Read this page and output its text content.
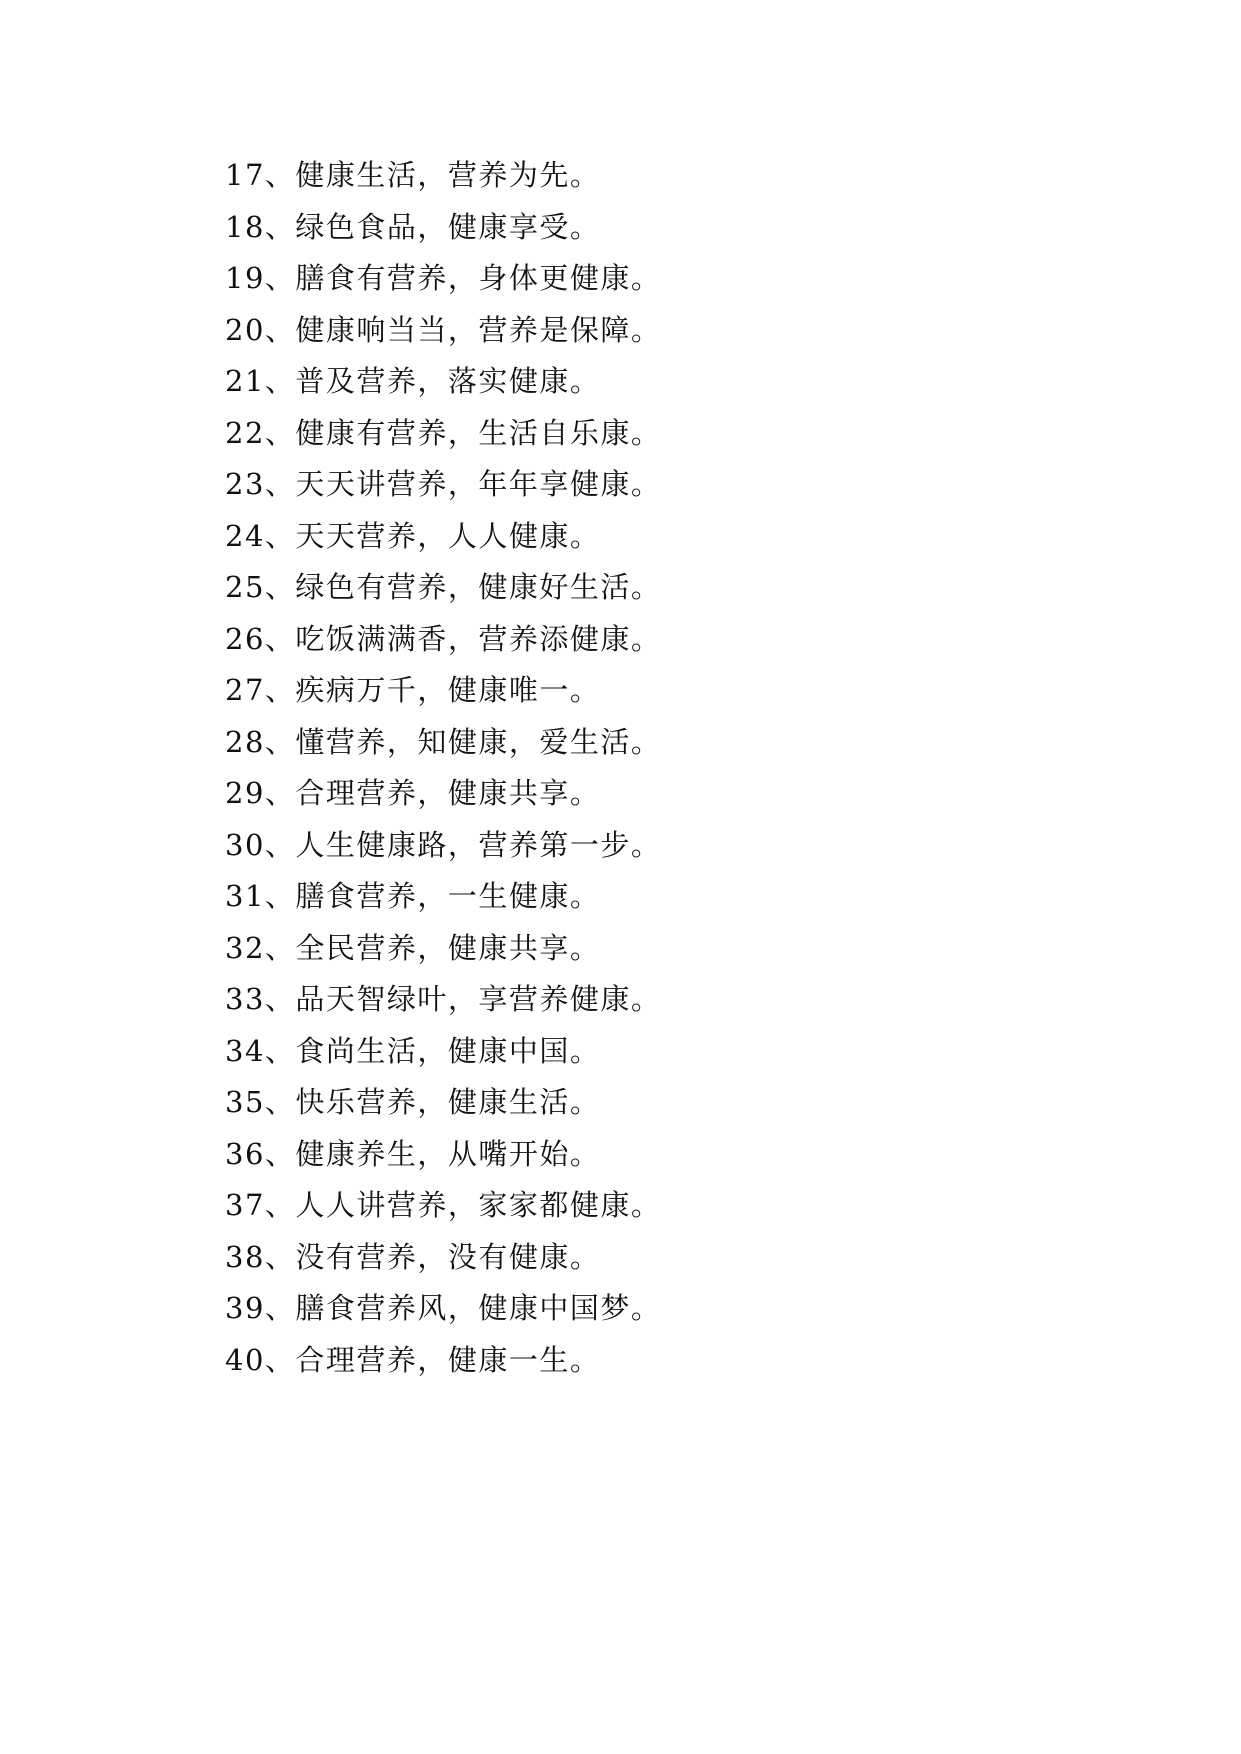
17、健康生活，营养为先。
18、绿色食品，健康享受。
19、膳食有营养，身体更健康。
20、健康响当当，营养是保障。
21、普及营养，落实健康。
22、健康有营养，生活自乐康。
23、天天讲营养，年年享健康。
24、天天营养，人人健康。
25、绿色有营养，健康好生活。
26、吃饭满满香，营养添健康。
27、疾病万千，健康唯一。
28、懂营养，知健康，爱生活。
29、合理营养，健康共享。
30、人生健康路，营养第一步。
31、膳食营养，一生健康。
32、全民营养，健康共享。
33、品天智绿叶，享营养健康。
34、食尚生活，健康中国。
35、快乐营养，健康生活。
36、健康养生，从嘴开始。
37、人人讲营养，家家都健康。
38、没有营养，没有健康。
39、膳食营养风，健康中国梦。
40、合理营养，健康一生。
